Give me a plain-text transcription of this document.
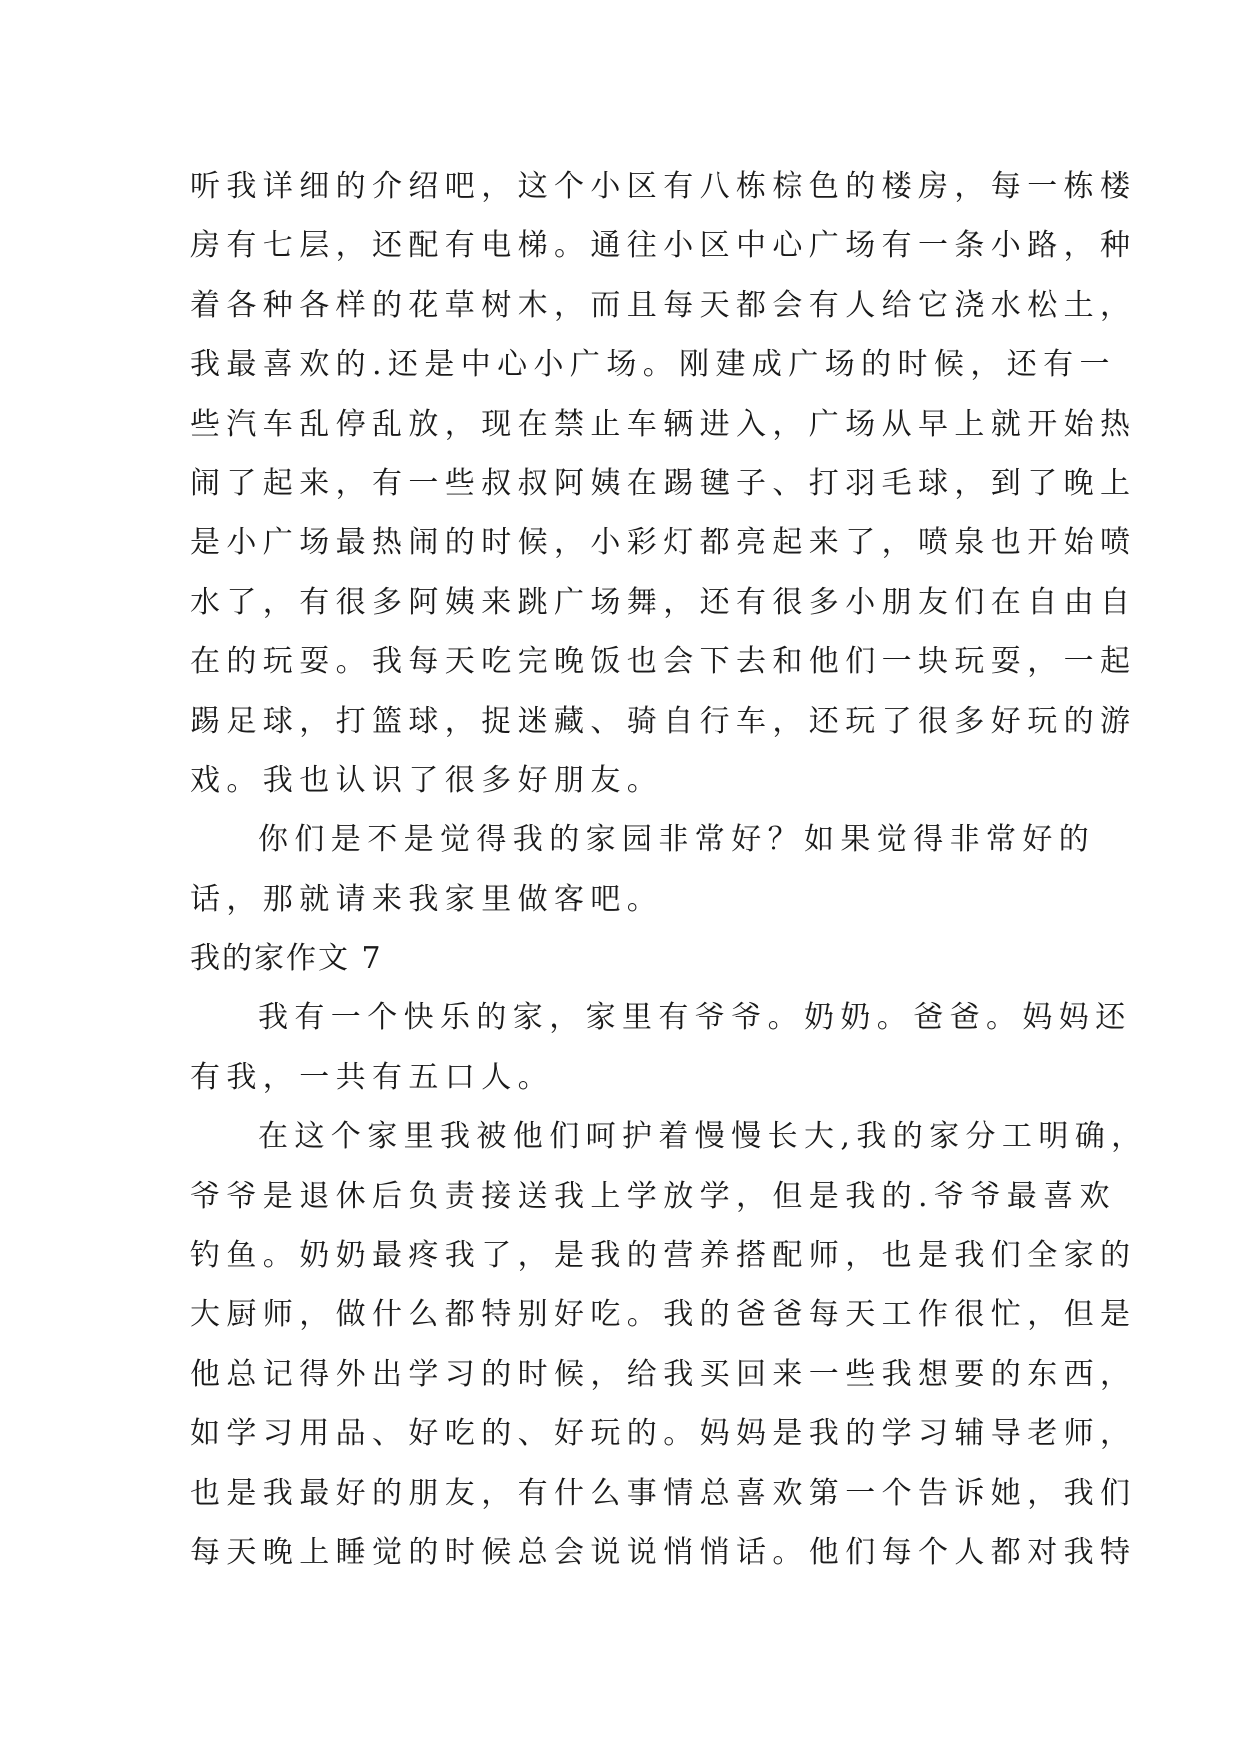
听我详细的介绍吧，这个小区有八栋棕色的楼房，每一栋楼
房有七层，还配有电梯。通往小区中心广场有一条小路，种
着各种各样的花草树木，而且每天都会有人给它浇水松土，
我最喜欢的.还是中心小广场。刚建成广场的时候，还有一
些汽车乱停乱放，现在禁止车辆进入，广场从早上就开始热
闹了起来，有一些叔叔阿姨在踢毽子、打羽毛球，到了晚上
是小广场最热闹的时候，小彩灯都亮起来了，喷泉也开始喷
水了，有很多阿姨来跳广场舞，还有很多小朋友们在自由自
在的玩耍。我每天吃完晚饭也会下去和他们一块玩耍，一起
踢足球，打篮球，捉迷藏、骑自行车，还玩了很多好玩的游
戏。我也认识了很多好朋友。
你们是不是觉得我的家园非常好？如果觉得非常好的
话，那就请来我家里做客吧。
我的家作文 7
我有一个快乐的家，家里有爷爷。奶奶。爸爸。妈妈还
有我，一共有五口人。
在这个家里我被他们呵护着慢慢长大,我的家分工明确，
爷爷是退休后负责接送我上学放学，但是我的.爷爷最喜欢
钓鱼。奶奶最疼我了，是我的营养搭配师，也是我们全家的
大厨师，做什么都特别好吃。我的爸爸每天工作很忙，但是
他总记得外出学习的时候，给我买回来一些我想要的东西，
如学习用品、好吃的、好玩的。妈妈是我的学习辅导老师，
也是我最好的朋友，有什么事情总喜欢第一个告诉她，我们
每天晚上睡觉的时候总会说说悄悄话。他们每个人都对我特
